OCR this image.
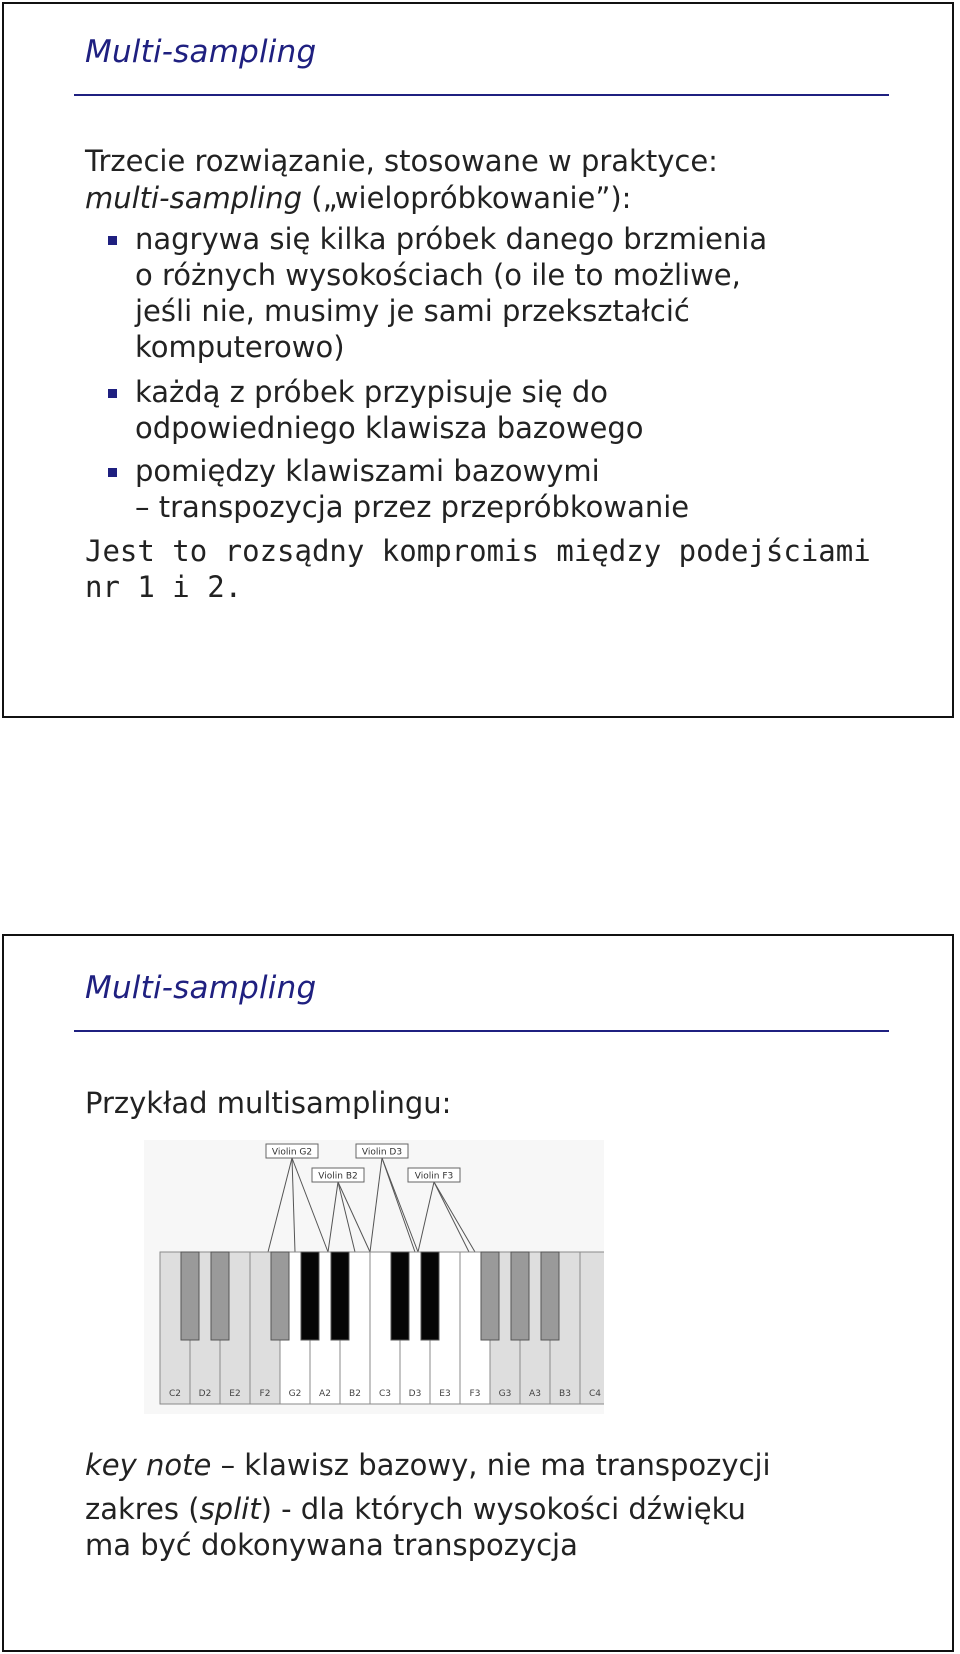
Multi-sampling
Trzecie rozwiązanie, stosowane w praktyce:
multi-sampling („wielopróbkowanie”):
nagrywa się kilka próbek danego brzmienia
o różnych wysokościach (o ile to możliwe,
jeśli nie, musimy je sami przekształcić
komputerowo)
każdą z próbek przypisuje się do
odpowiedniego klawisza bazowego
pomiędzy klawiszami bazowymi
– transpozycja przez przepróbkowanie
Jest to rozsądny kompromis między podejściami
nr 1 i 2.
Multi-sampling
Przykład multisamplingu:
C2 D2 E2 F2 G2 A2 B2 C3 D3 E3 F3 G3 A3 B3 C4
Violin G2
Violin B2
Violin D3
Violin F3
key note – klawisz bazowy, nie ma transpozycji
zakres (split) - dla których wysokości dźwięku
ma być dokonywana transpozycja
